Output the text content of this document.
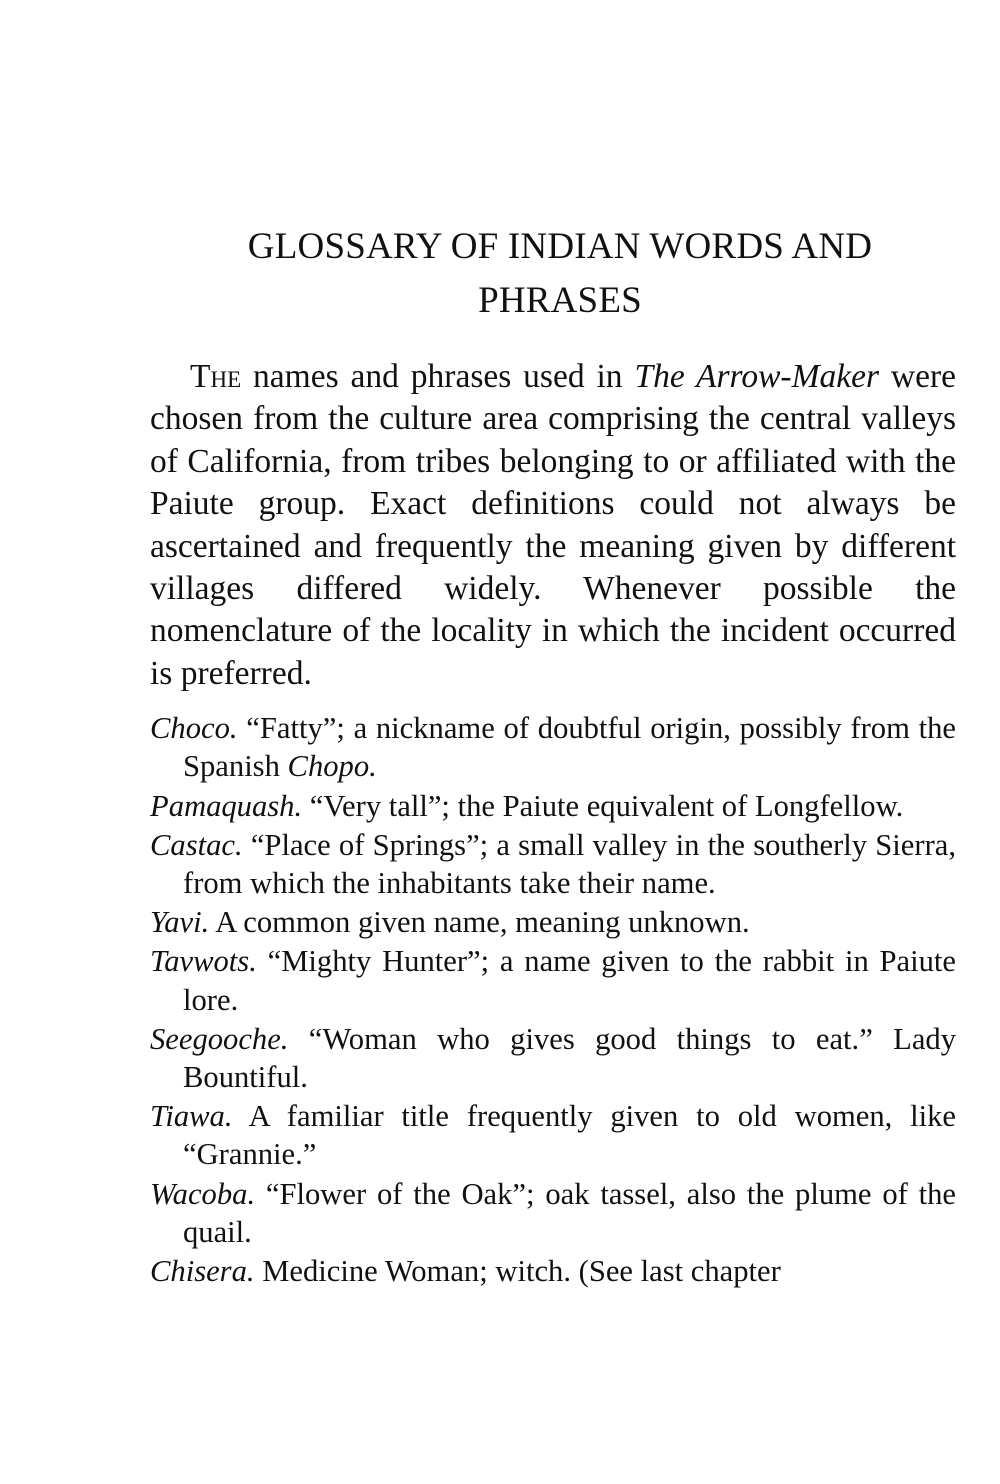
GLOSSARY OF INDIAN WORDS AND PHRASES

The names and phrases used in The Arrow-Maker were chosen from the culture area comprising the central valleys of California, from tribes belonging to or affiliated with the Paiute group. Exact definitions could not always be ascertained and frequently the meaning given by different villages differed widely. Whenever possible the nomenclature of the locality in which the incident occurred is preferred.

Choco. “Fatty”; a nickname of doubtful origin, possibly from the Spanish Chopo.
Pamaquash. “Very tall”; the Paiute equivalent of Longfellow.
Castac. “Place of Springs”; a small valley in the southerly Sierra, from which the inhabitants take their name.
Yavi. A common given name, meaning unknown.
Tavwots. “Mighty Hunter”; a name given to the rabbit in Paiute lore.
Seegooche. “Woman who gives good things to eat.” Lady Bountiful.
Tiawa. A familiar title frequently given to old women, like “Grannie.”
Wacoba. “Flower of the Oak”; oak tassel, also the plume of the quail.
Chisera. Medicine Woman; witch. (See last chapter
